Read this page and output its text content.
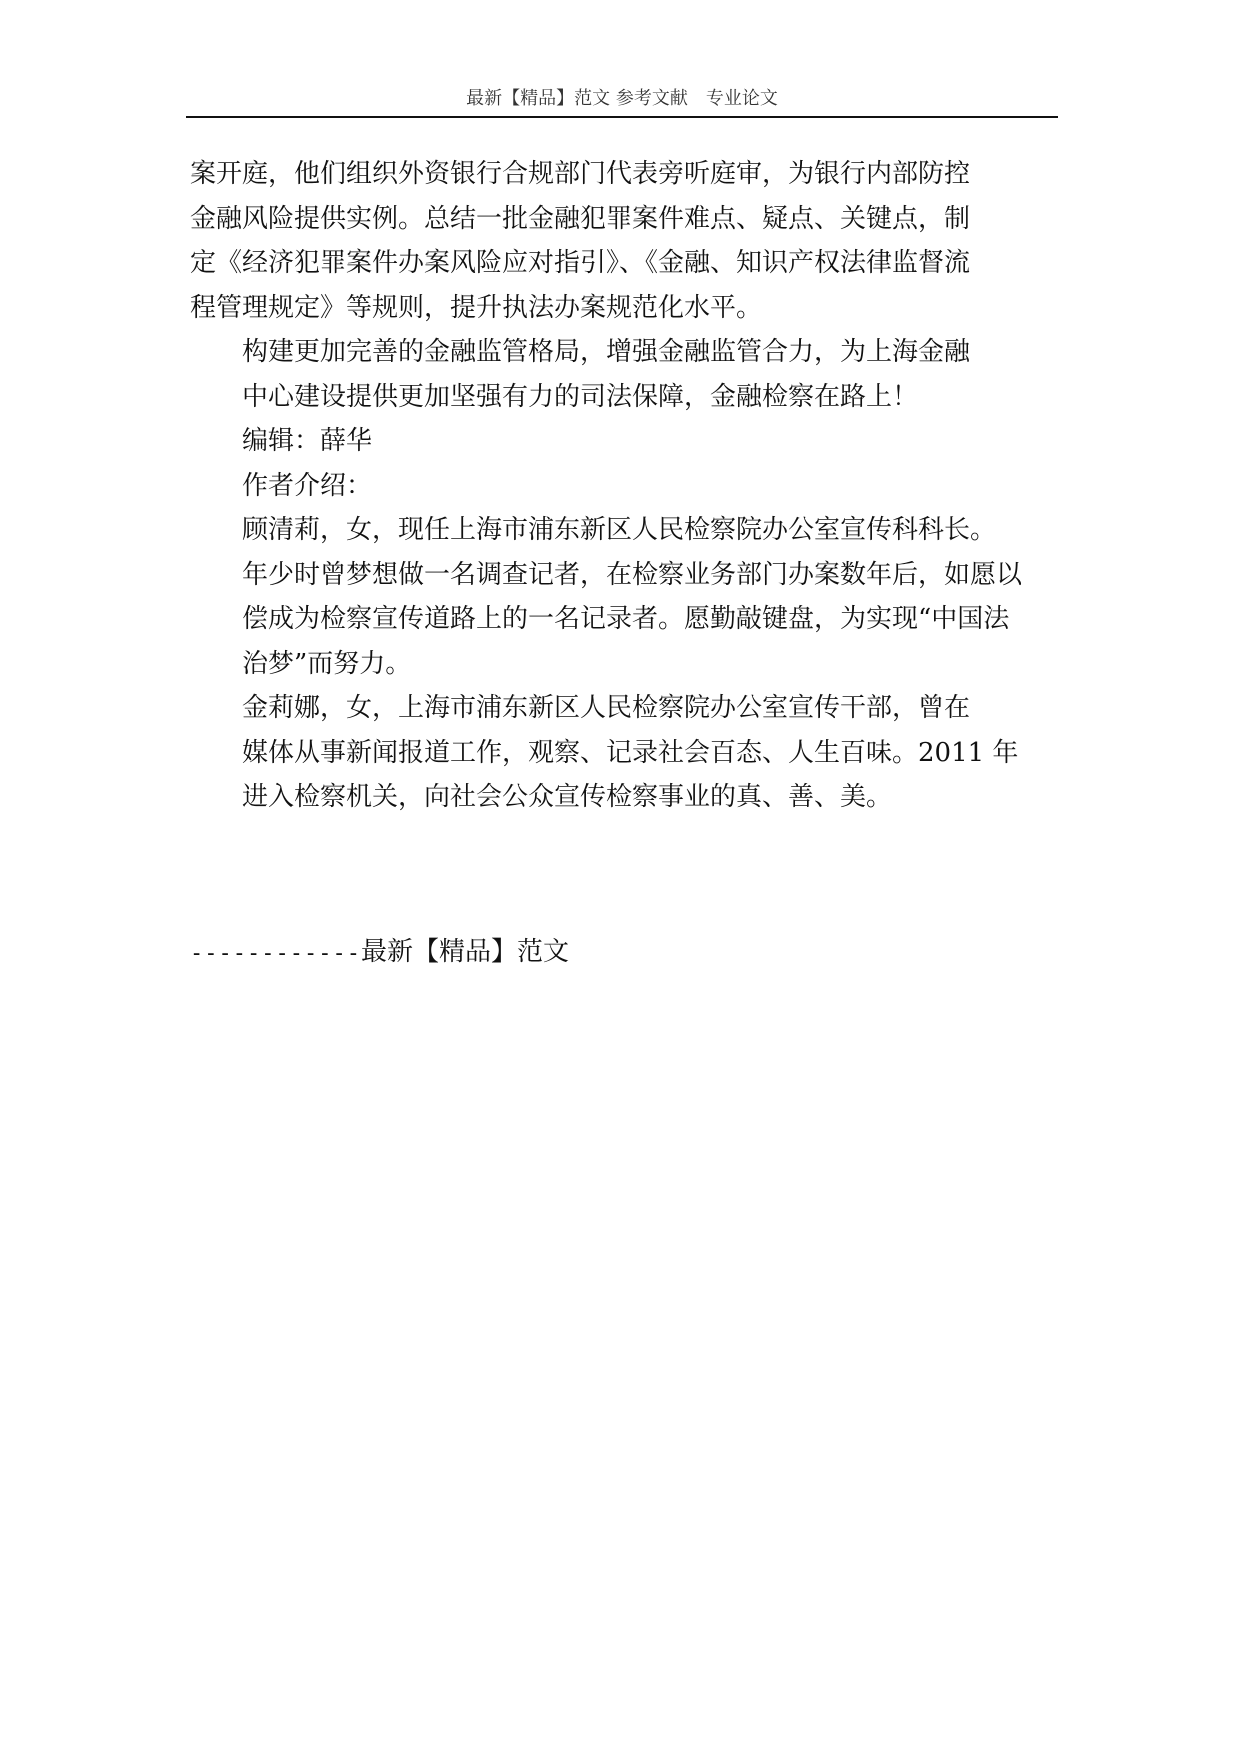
最新【精品】范文 参考文献　专业论文

案开庭，他们组织外资银行合规部门代表旁听庭审，为银行内部防控
金融风险提供实例。总结一批金融犯罪案件难点、疑点、关键点，制
定《经济犯罪案件办案风险应对指引》、《金融、知识产权法律监督流
程管理规定》等规则，提升执法办案规范化水平。

构建更加完善的金融监管格局，增强金融监管合力，为上海金融
中心建设提供更加坚强有力的司法保障，金融检察在路上！

编辑：薛华

作者介绍：

顾清莉，女，现任上海市浦东新区人民检察院办公室宣传科科长。
年少时曾梦想做一名调查记者，在检察业务部门办案数年后，如愿以
偿成为检察宣传道路上的一名记录者。愿勤敲键盘，为实现“中国法
治梦”而努力。

金莉娜，女，上海市浦东新区人民检察院办公室宣传干部，曾在
媒体从事新闻报道工作，观察、记录社会百态、人生百味。2011 年
进入检察机关，向社会公众宣传检察事业的真、善、美。

------------最新【精品】范文
